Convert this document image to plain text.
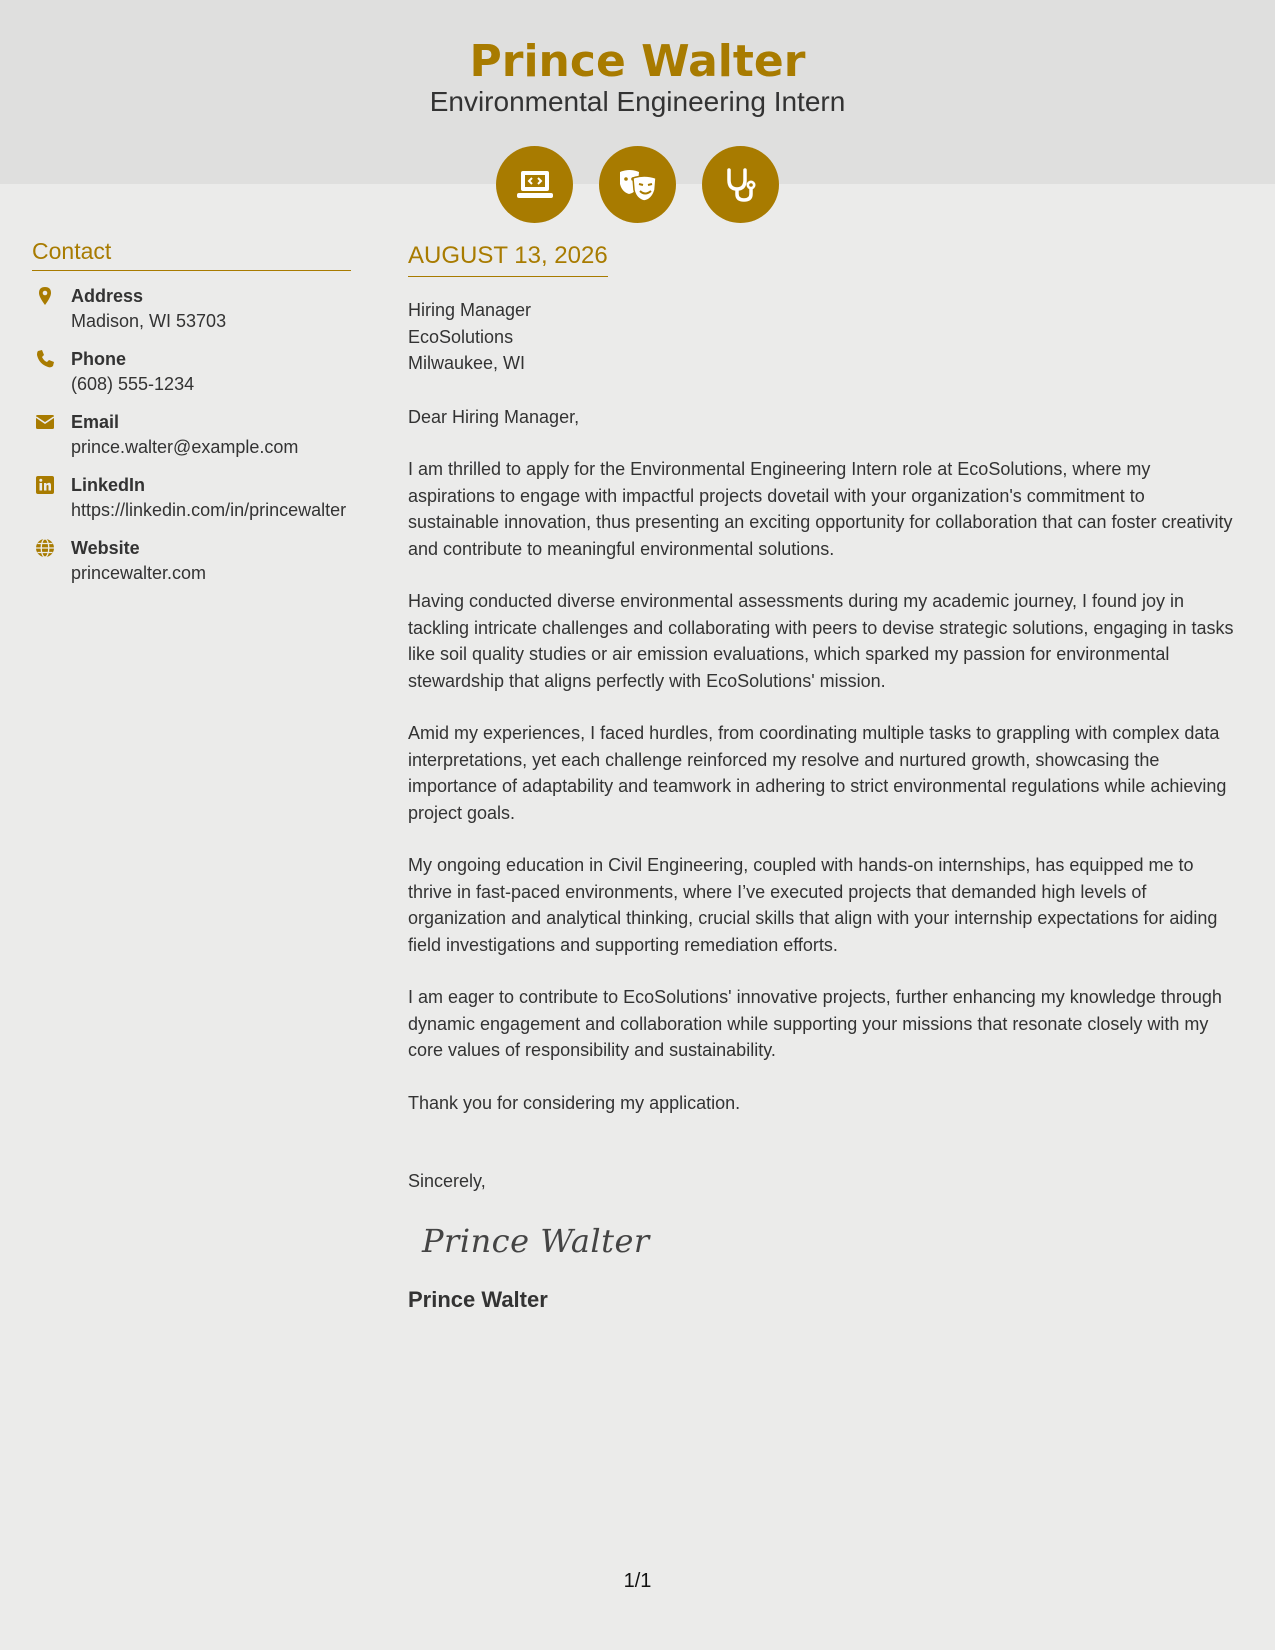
Prince Walter
Environmental Engineering Intern
Contact
Address
Madison, WI 53703
Phone
(608) 555-1234
Email
prince.walter@example.com
LinkedIn
https://linkedin.com/in/princewalter
Website
princewalter.com
AUGUST 13, 2026
Hiring Manager
EcoSolutions
Milwaukee, WI
Dear Hiring Manager,
I am thrilled to apply for the Environmental Engineering Intern role at EcoSolutions, where my aspirations to engage with impactful projects dovetail with your organization's commitment to sustainable innovation, thus presenting an exciting opportunity for collaboration that can foster creativity and contribute to meaningful environmental solutions.
Having conducted diverse environmental assessments during my academic journey, I found joy in tackling intricate challenges and collaborating with peers to devise strategic solutions, engaging in tasks like soil quality studies or air emission evaluations, which sparked my passion for environmental stewardship that aligns perfectly with EcoSolutions' mission.
Amid my experiences, I faced hurdles, from coordinating multiple tasks to grappling with complex data interpretations, yet each challenge reinforced my resolve and nurtured growth, showcasing the importance of adaptability and teamwork in adhering to strict environmental regulations while achieving project goals.
My ongoing education in Civil Engineering, coupled with hands-on internships, has equipped me to thrive in fast-paced environments, where I’ve executed projects that demanded high levels of organization and analytical thinking, crucial skills that align with your internship expectations for aiding field investigations and supporting remediation efforts.
I am eager to contribute to EcoSolutions' innovative projects, further enhancing my knowledge through dynamic engagement and collaboration while supporting your missions that resonate closely with my core values of responsibility and sustainability.
Thank you for considering my application.
Sincerely,
Prince Walter
Prince Walter
1/1
